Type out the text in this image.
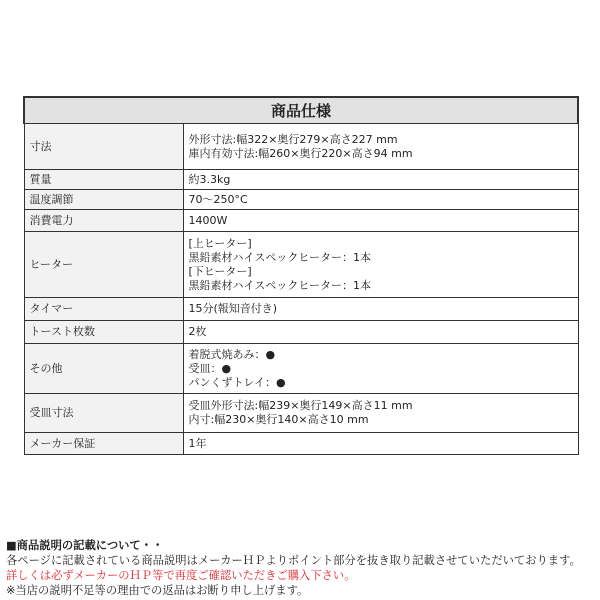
商品仕様	
寸法	外形寸法:幅322×奥行279×高さ227 mm
庫内有効寸法:幅260×奥行220×高さ94 mm

質量	約3.3kg

温度調節	70～250°C

消費電力	1400W

ヒーター	[上ヒーター]
黒鉛素材ハイスペックヒーター：1本
[下ヒーター]
黒鉛素材ハイスペックヒーター：1本

タイマー	15分(報知音付き)

トースト枚数	2枚

その他	着脱式焼あみ：●
受皿：●
パンくずトレイ：●

受皿寸法	受皿外形寸法:幅239×奥行149×高さ11 mm
内寸:幅230×奥行140×高さ10 mm

メーカー保証	1年
■商品説明の記載について・・
各ページに記載されている商品説明はメーカーＨＰよりポイント部分を抜き取り記載させていただいております。
詳しくは必ずメーカーのＨＰ等で再度ご確認いただきご購入下さい。
※当店の説明不足等の理由での返品はお断り申し上げます。
